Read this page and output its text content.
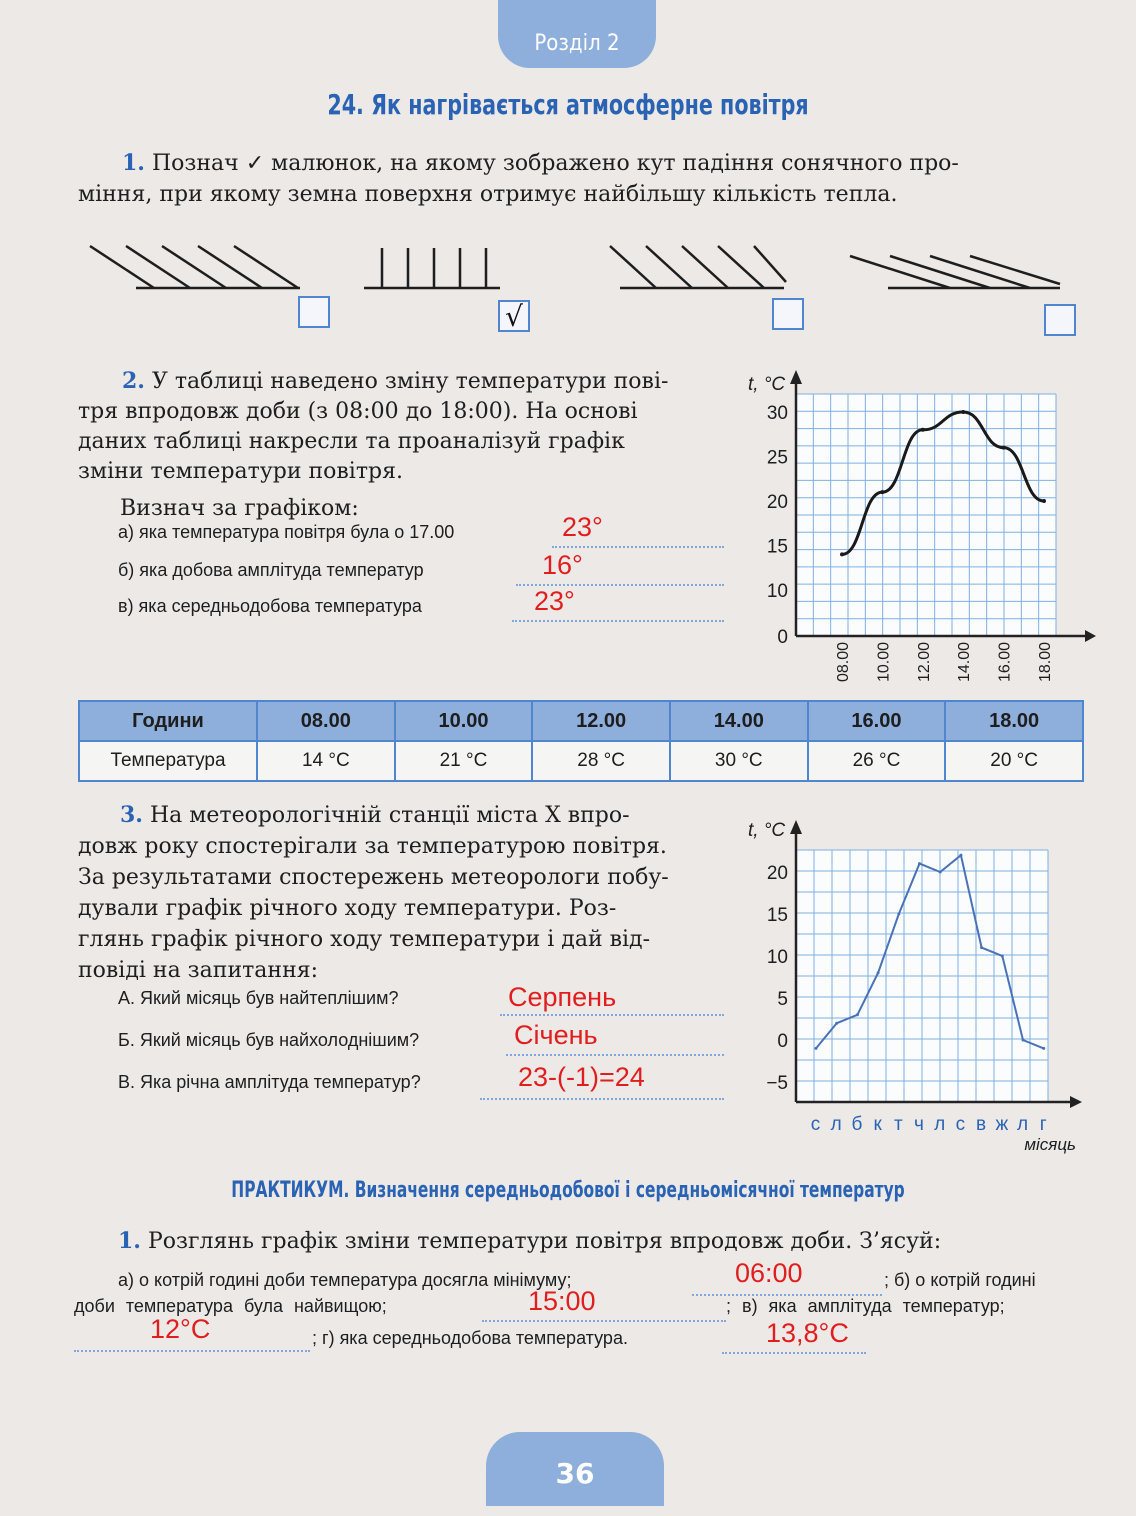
Розділ 2
24. Як нагрівається атмосферне повітря
1. Познач ✓ малюнок, на якому зображено кут падіння сонячного про-
міння, при якому земна поверхня отримує найбільшу кількість тепла.
√
2. У таблиці наведено зміну температури пові-
тря впродовж доби (з 08:00 до 18:00). На основі
даних таблиці накресли та проаналізуй графік
зміни температури повітря.
Визнач за графіком:
а) яка температура повітря була о 17.00	23°
б) яка добова амплітуда температур	16°
в) яка середньодобова температура	23°
t, °C
0
10
15
20
25
30
08.00 10.00 12.00 14.00 16.00 18.00
Години	08.00	10.00	12.00	14.00	16.00	18.00
Температура	14 °C	21 °C	28 °C	30 °C	26 °C	20 °C
3. На метеорологічній станції міста X впро-
довж року спостерігали за температурою повітря.
За результатами спостережень метеорологи побу-
дували графік річного ходу температури. Роз-
глянь графік річного ходу температури і дай від-
повіді на запитання:
А. Який місяць був найтеплішим?	Серпень
Б. Який місяць був найхолоднішим?	Січень
В. Яка річна амплітуда температур?	23-(-1)=24
t, °C
−5
0
5
10
15
20
с л б к т ч л с в ж л г
місяць
ПРАКТИКУМ. Визначення середньодобової і середньомісячної температур
1. Розглянь графік зміни температури повітря впродовж доби. З’ясуй:
а) о котрій годині доби температура досягла мінімуму;	06:00	; б) о котрій годині
доби температура була найвищою;	15:00	; в) яка амплітуда температур;
12°C	; г) яка середньодобова температура.	13,8°C
36
